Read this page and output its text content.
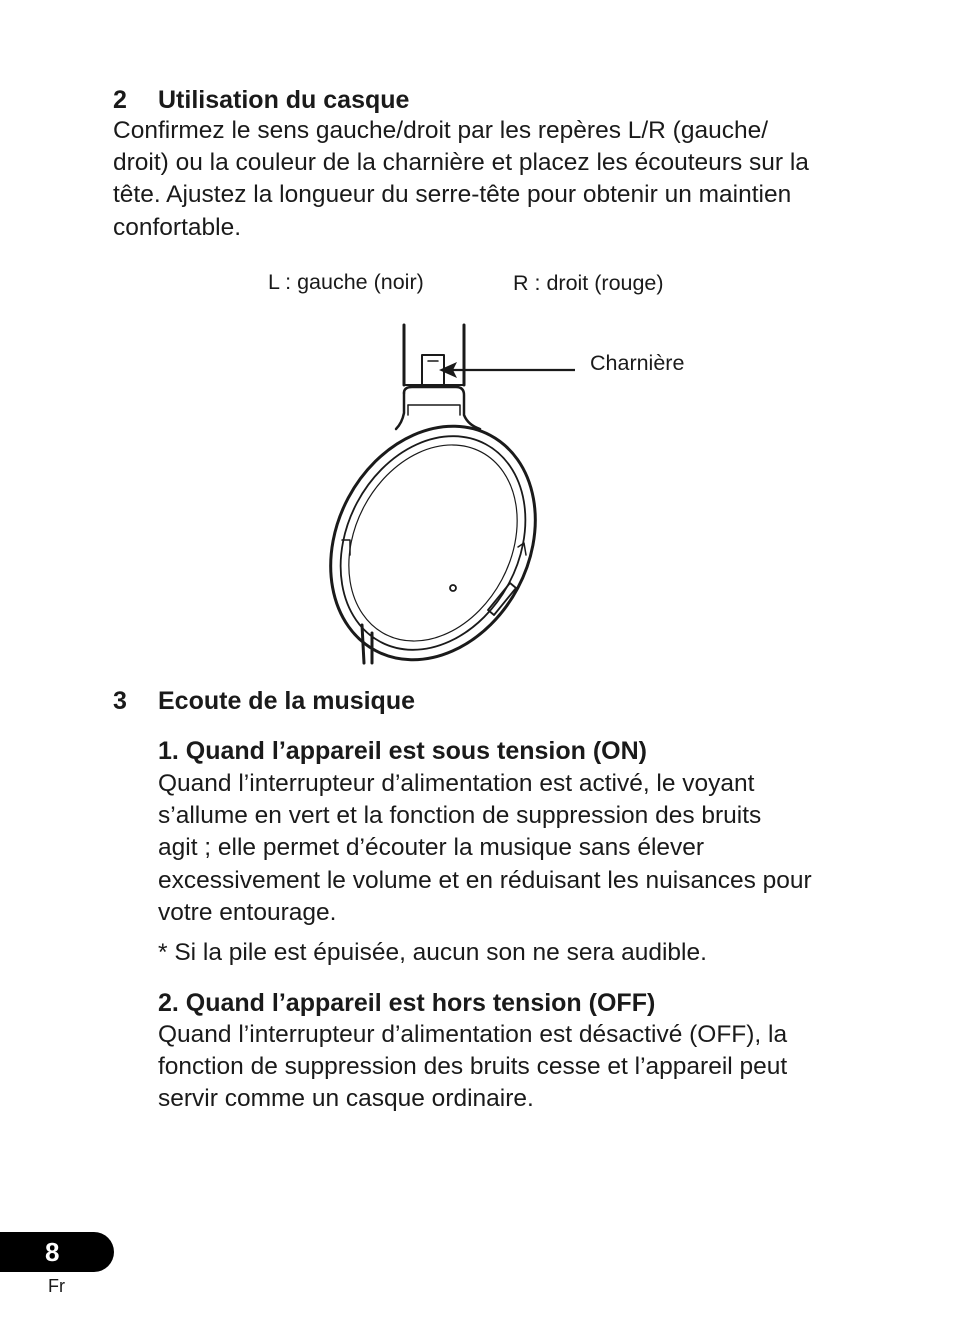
2 Utilisation du casque

Confirmez le sens gauche/droit par les repères L/R (gauche/
droit) ou la couleur de la charnière et placez les écouteurs sur la
tête. Ajustez la longueur du serre-tête pour obtenir un maintien
confortable.

L : gauche (noir)	R : droit (rouge)
Charnière
3 Ecoute de la musique
1. Quand l’appareil est sous tension (ON)

Quand l’interrupteur d’alimentation est activé, le voyant
s’allume en vert et la fonction de suppression des bruits
agit ; elle permet d’écouter la musique sans élever
excessivement le volume et en réduisant les nuisances pour
votre entourage.

* Si la pile est épuisée, aucun son ne sera audible.
2. Quand l’appareil est hors tension (OFF)

Quand l’interrupteur d’alimentation est désactivé (OFF), la
fonction de suppression des bruits cesse et l’appareil peut
servir comme un casque ordinaire.

8
Fr
